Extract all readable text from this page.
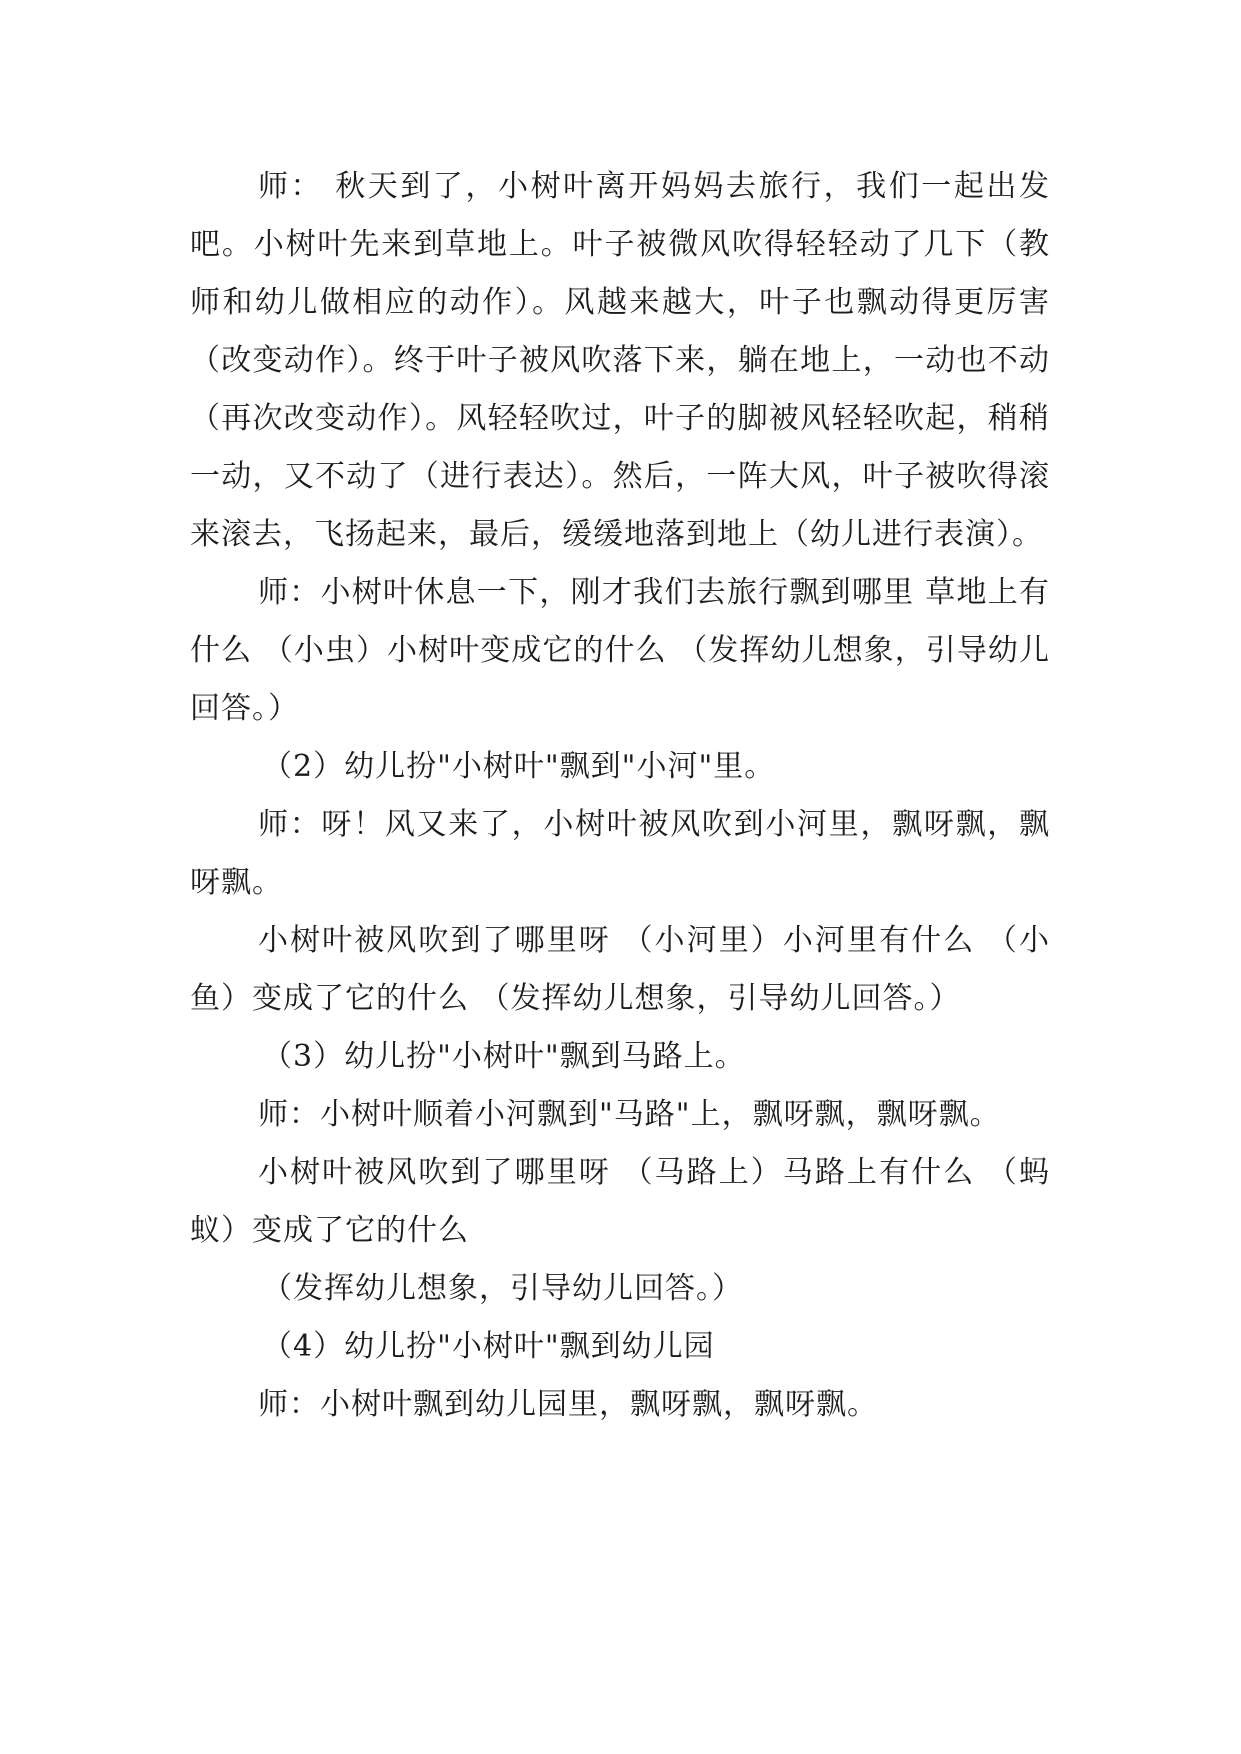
师： 秋天到了，小树叶离开妈妈去旅行，我们一起出发吧。小树叶先来到草地上。叶子被微风吹得轻轻动了几下（教师和幼儿做相应的动作）。风越来越大，叶子也飘动得更厉害（改变动作）。终于叶子被风吹落下来，躺在地上，一动也不动（再次改变动作）。风轻轻吹过，叶子的脚被风轻轻吹起，稍稍一动，又不动了（进行表达）。然后，一阵大风，叶子被吹得滚来滚去，飞扬起来，最后，缓缓地落到地上（幼儿进行表演）。

师：小树叶休息一下，刚才我们去旅行飘到哪里 草地上有什么 （小虫）小树叶变成它的什么 （发挥幼儿想象，引导幼儿回答。）

（2）幼儿扮"小树叶"飘到"小河"里。

师：呀！风又来了，小树叶被风吹到小河里，飘呀飘，飘呀飘。

小树叶被风吹到了哪里呀 （小河里）小河里有什么 （小鱼）变成了它的什么 （发挥幼儿想象，引导幼儿回答。）

（3）幼儿扮"小树叶"飘到马路上。

师：小树叶顺着小河飘到"马路"上，飘呀飘，飘呀飘。

小树叶被风吹到了哪里呀 （马路上）马路上有什么 （蚂蚁）变成了它的什么

（发挥幼儿想象，引导幼儿回答。）

（4）幼儿扮"小树叶"飘到幼儿园

师：小树叶飘到幼儿园里，飘呀飘，飘呀飘。
